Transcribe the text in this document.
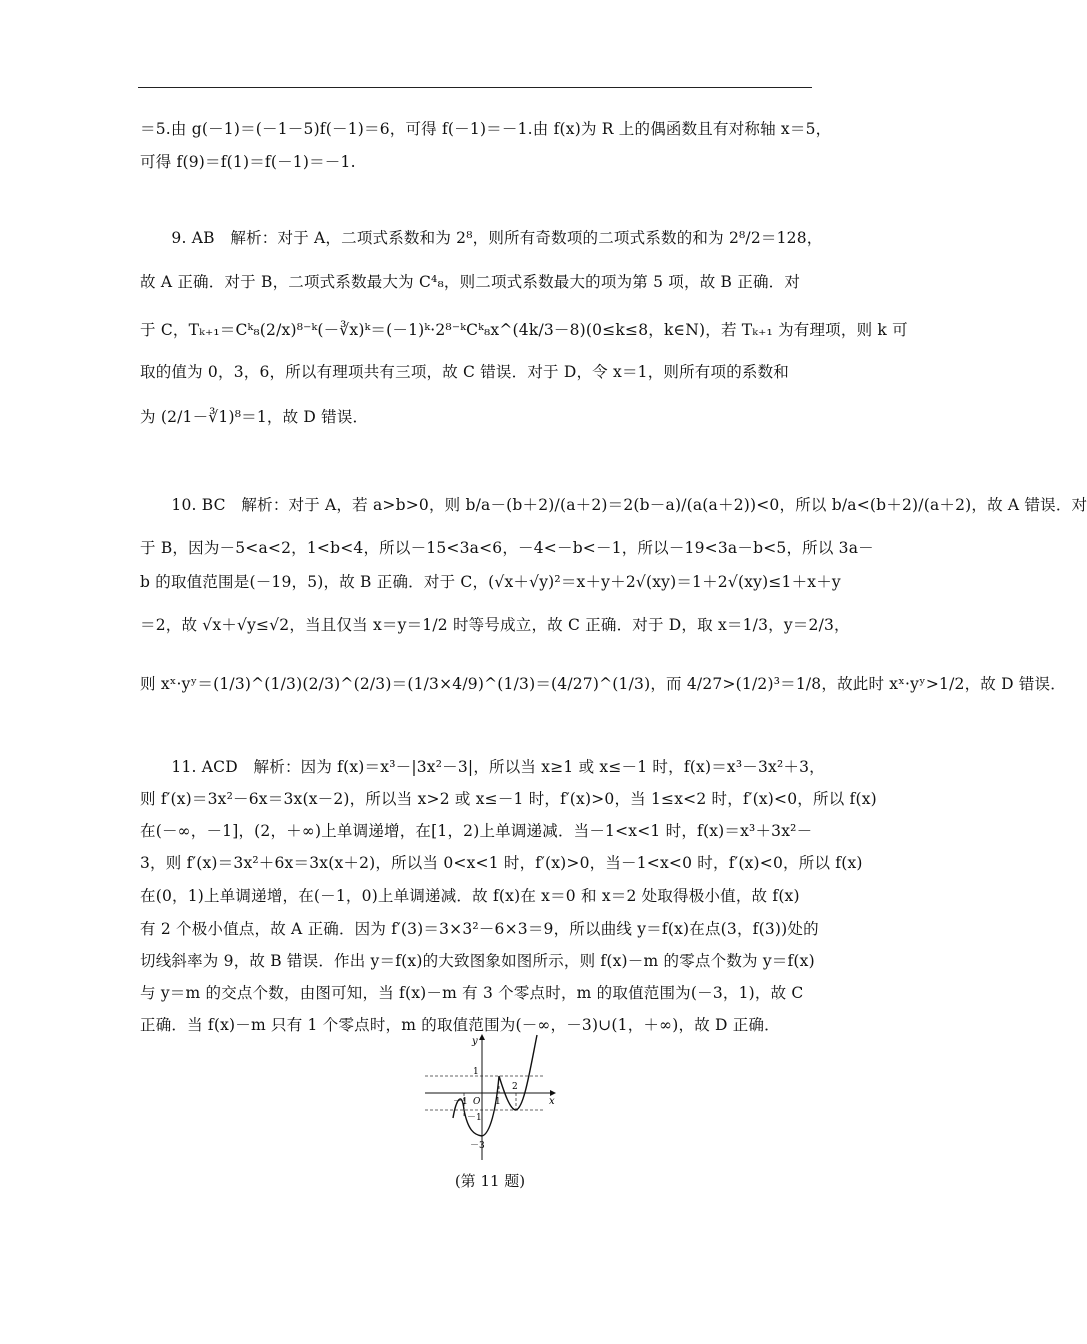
＝5.由 g(－1)＝(－1－5)f(－1)＝6，可得 f(－1)＝－1.由 f(x)为 R 上的偶函数且有对称轴 x＝5，
可得 f(9)＝f(1)＝f(－1)＝－1.
　　9. AB　解析：对于 A，二项式系数和为 2⁸，则所有奇数项的二项式系数的和为 2⁸/2＝128，
故 A 正确．对于 B，二项式系数最大为 C⁴₈，则二项式系数最大的项为第 5 项，故 B 正确．对
于 C，Tₖ₊₁＝Cᵏ₈(2/x)⁸⁻ᵏ(－∛x)ᵏ＝(－1)ᵏ·2⁸⁻ᵏCᵏ₈x^(4k/3－8)(0≤k≤8，k∈N)，若 Tₖ₊₁ 为有理项，则 k 可
取的值为 0，3，6，所以有理项共有三项，故 C 错误．对于 D，令 x＝1，则所有项的系数和
为 (2/1－∛1)⁸＝1，故 D 错误．
　　10. BC　解析：对于 A，若 a>b>0，则 b/a－(b＋2)/(a＋2)＝2(b－a)/(a(a＋2))<0，所以 b/a<(b＋2)/(a＋2)，故 A 错误．对
于 B，因为－5<a<2，1<b<4，所以－15<3a<6，－4<－b<－1，所以－19<3a－b<5，所以 3a－
b 的取值范围是(－19，5)，故 B 正确．对于 C，(√x＋√y)²＝x＋y＋2√(xy)＝1＋2√(xy)≤1＋x＋y
＝2，故 √x＋√y≤√2，当且仅当 x＝y＝1/2 时等号成立，故 C 正确．对于 D，取 x＝1/3，y＝2/3，
则 xˣ·yʸ＝(1/3)^(1/3)(2/3)^(2/3)＝(1/3×4/9)^(1/3)＝(4/27)^(1/3)，而 4/27>(1/2)³＝1/8，故此时 xˣ·yʸ>1/2，故 D 错误．
　　11. ACD　解析：因为 f(x)＝x³－|3x²－3|，所以当 x≥1 或 x≤－1 时，f(x)＝x³－3x²＋3，
则 f′(x)＝3x²－6x＝3x(x－2)，所以当 x>2 或 x≤－1 时，f′(x)>0，当 1≤x<2 时，f′(x)<0，所以 f(x)
在(－∞，－1]，(2，＋∞)上单调递增，在[1，2)上单调递减．当－1<x<1 时，f(x)＝x³＋3x²－
3，则 f′(x)＝3x²＋6x＝3x(x＋2)，所以当 0<x<1 时，f′(x)>0，当－1<x<0 时，f′(x)<0，所以 f(x)
在(0，1)上单调递增，在(－1，0)上单调递减．故 f(x)在 x＝0 和 x＝2 处取得极小值，故 f(x)
有 2 个极小值点，故 A 正确．因为 f′(3)＝3×3²－6×3＝9，所以曲线 y＝f(x)在点(3，f(3))处的
切线斜率为 9，故 B 错误．作出 y＝f(x)的大致图象如图所示，则 f(x)－m 的零点个数为 y＝f(x)
与 y＝m 的交点个数，由图可知，当 f(x)－m 有 3 个零点时，m 的取值范围为(－3，1)，故 C
正确．当 f(x)－m 只有 1 个零点时，m 的取值范围为(－∞，－3)∪(1，＋∞)，故 D 正确．
y
x
1
O
－1
－1
2
1
－3
(第 11 题)
